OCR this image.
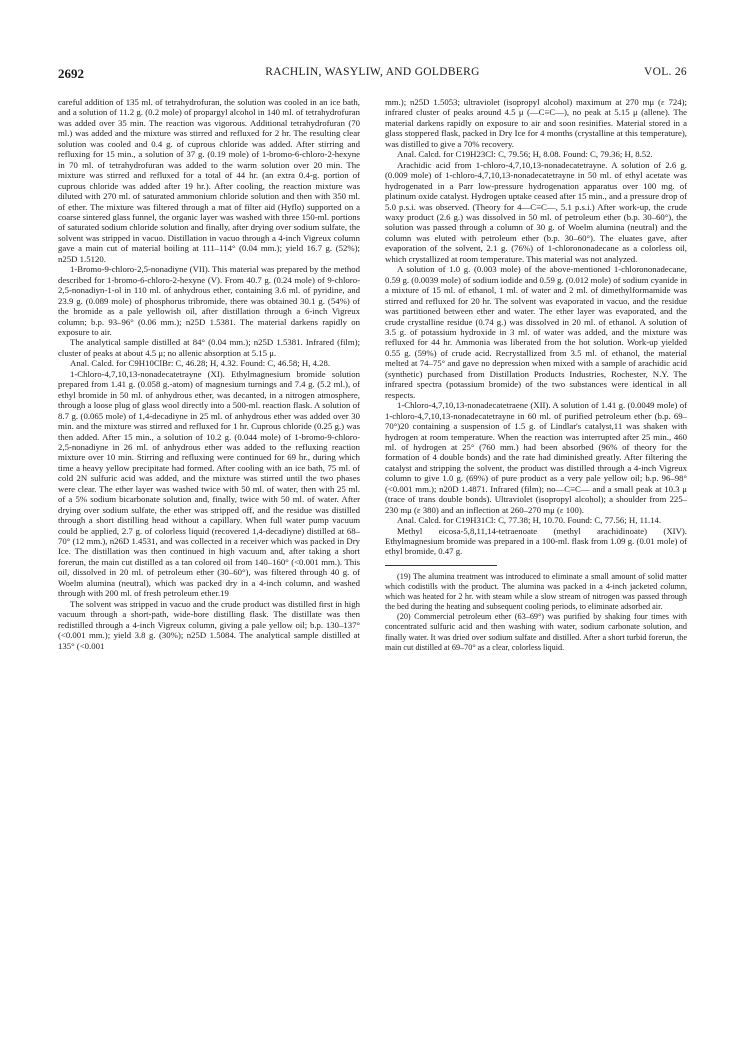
2692	RACHLIN, WASYLIW, AND GOLDBERG	VOL. 26

careful addition of 135 ml. of tetrahydrofuran, the solution was cooled in an ice bath, and a solution of 11.2 g. (0.2 mole) of propargyl alcohol in 140 ml. of tetrahydrofuran was added over 35 min. The reaction was vigorous. Additional tetrahydrofuran (70 ml.) was added and the mixture was stirred and refluxed for 2 hr. The resulting clear solution was cooled and 0.4 g. of cuprous chloride was added. After stirring and refluxing for 15 min., a solution of 37 g. (0.19 mole) of 1-bromo-6-chloro-2-hexyne in 70 ml. of tetrahydrofuran was added to the warm solution over 20 min. The mixture was stirred and refluxed for a total of 44 hr. (an extra 0.4-g. portion of cuprous chloride was added after 19 hr.). After cooling, the reaction mixture was diluted with 270 ml. of saturated ammonium chloride solution and then with 350 ml. of ether. The mixture was filtered through a mat of filter aid (Hyflo) supported on a coarse sintered glass funnel, the organic layer was washed with three 150-ml. portions of saturated sodium chloride solution and finally, after drying over sodium sulfate, the solvent was stripped in vacuo. Distillation in vacuo through a 4-inch Vigreux column gave a main cut of material boiling at 111–114° (0.04 mm.); yield 16.7 g. (52%); n25D 1.5120.

1-Bromo-9-chloro-2,5-nonadiyne (VII). This material was prepared by the method described for 1-bromo-6-chloro-2-hexyne (V). From 40.7 g. (0.24 mole) of 9-chloro-2,5-nonadiyn-1-ol in 110 ml. of anhydrous ether, containing 3.6 ml. of pyridine, and 23.9 g. (0.089 mole) of phosphorus tribromide, there was obtained 30.1 g. (54%) of the bromide as a pale yellowish oil, after distillation through a 6-inch Vigreux column; b.p. 93–96° (0.06 mm.); n25D 1.5381. The material darkens rapidly on exposure to air.

The analytical sample distilled at 84° (0.04 mm.); n25D 1.5381. Infrared (film); cluster of peaks at about 4.5 μ; no allenic absorption at 5.15 μ.

Anal. Calcd. for C9H10ClBr: C, 46.28; H, 4.32. Found: C, 46.58; H, 4.28.

1-Chloro-4,7,10,13-nonadecatetrayne (XI). Ethylmagnesium bromide solution prepared from 1.41 g. (0.058 g.-atom) of magnesium turnings and 7.4 g. (5.2 ml.), of ethyl bromide in 50 ml. of anhydrous ether, was decanted, in a nitrogen atmosphere, through a loose plug of glass wool directly into a 500-ml. reaction flask. A solution of 8.7 g. (0.065 mole) of 1,4-decadiyne in 25 ml. of anhydrous ether was added over 30 min. and the mixture was stirred and refluxed for 1 hr. Cuprous chloride (0.25 g.) was then added. After 15 min., a solution of 10.2 g. (0.044 mole) of 1-bromo-9-chloro-2,5-nonadiyne in 26 ml. of anhydrous ether was added to the refluxing reaction mixture over 10 min. Stirring and refluxing were continued for 69 hr., during which time a heavy yellow precipitate had formed. After cooling with an ice bath, 75 ml. of cold 2N sulfuric acid was added, and the mixture was stirred until the two phases were clear. The ether layer was washed twice with 50 ml. of water, then with 25 ml. of a 5% sodium bicarbonate solution and, finally, twice with 50 ml. of water. After drying over sodium sulfate, the ether was stripped off, and the residue was distilled through a short distilling head without a capillary. When full water pump vacuum could be applied, 2.7 g. of colorless liquid (recovered 1,4-decadiyne) distilled at 68–70° (12 mm.), n26D 1.4531, and was collected in a receiver which was packed in Dry Ice. The distillation was then continued in high vacuum and, after taking a short forerun, the main cut distilled as a tan colored oil from 140–160° (<0.001 mm.). This oil, dissolved in 20 ml. of petroleum ether (30–60°), was filtered through 40 g. of Woelm alumina (neutral), which was packed dry in a 4-inch column, and washed through with 200 ml. of fresh petroleum ether.19

The solvent was stripped in vacuo and the crude product was distilled first in high vacuum through a short-path, wide-bore distilling flask. The distillate was then redistilled through a 4-inch Vigreux column, giving a pale yellow oil; b.p. 130–137° (<0.001 mm.); yield 3.8 g. (30%); n25D 1.5084. The analytical sample distilled at 135° (<0.001

mm.); n25D 1.5053; ultraviolet (isopropyl alcohol) maximum at 270 mμ (ε 724); infrared cluster of peaks around 4.5 μ (—C≡C—), no peak at 5.15 μ (allene). The material darkens rapidly on exposure to air and soon resinifies. Material stored in a glass stoppered flask, packed in Dry Ice for 4 months (crystalline at this temperature), was distilled to give a 70% recovery.

Anal. Calcd. for C19H23Cl: C, 79.56; H, 8.08. Found: C, 79.36; H, 8.52.

Arachidic acid from 1-chloro-4,7,10,13-nonadecatetrayne. A solution of 2.6 g. (0.009 mole) of 1-chloro-4,7,10,13-nonadecatetrayne in 50 ml. of ethyl acetate was hydrogenated in a Parr low-pressure hydrogenation apparatus over 100 mg. of platinum oxide catalyst. Hydrogen uptake ceased after 15 min., and a pressure drop of 5.0 p.s.i. was observed. (Theory for 4—C≡C—, 5.1 p.s.i.) After work-up, the crude waxy product (2.6 g.) was dissolved in 50 ml. of petroleum ether (b.p. 30–60°), the solution was passed through a column of 30 g. of Woelm alumina (neutral) and the column was eluted with petroleum ether (b.p. 30–60°). The eluates gave, after evaporation of the solvent, 2.1 g. (76%) of 1-chlorononadecane as a colorless oil, which crystallized at room temperature. This material was not analyzed.

A solution of 1.0 g. (0.003 mole) of the above-mentioned 1-chlorononadecane, 0.59 g. (0.0039 mole) of sodium iodide and 0.59 g. (0.012 mole) of sodium cyanide in a mixture of 15 ml. of ethanol, 1 ml. of water and 2 ml. of dimethylformamide was stirred and refluxed for 20 hr. The solvent was evaporated in vacuo, and the residue was partitioned between ether and water. The ether layer was evaporated, and the crude crystalline residue (0.74 g.) was dissolved in 20 ml. of ethanol. A solution of 3.5 g. of potassium hydroxide in 3 ml. of water was added, and the mixture was refluxed for 44 hr. Ammonia was liberated from the hot solution. Work-up yielded 0.55 g. (59%) of crude acid. Recrystallized from 3.5 ml. of ethanol, the material melted at 74–75° and gave no depression when mixed with a sample of arachidic acid (synthetic) purchased from Distillation Products Industries, Rochester, N.Y. The infrared spectra (potassium bromide) of the two substances were identical in all respects.

1-Chloro-4,7,10,13-nonadecatetraene (XII). A solution of 1.41 g. (0.0049 mole) of 1-chloro-4,7,10,13-nonadecatetrayne in 60 ml. of purified petroleum ether (b.p. 69–70°)20 containing a suspension of 1.5 g. of Lindlar's catalyst,11 was shaken with hydrogen at room temperature. When the reaction was interrupted after 25 min., 460 ml. of hydrogen at 25° (760 mm.) had been absorbed (96% of theory for the formation of 4 double bonds) and the rate had diminished greatly. After filtering the catalyst and stripping the solvent, the product was distilled through a 4-inch Vigreux column to give 1.0 g. (69%) of pure product as a very pale yellow oil; b.p. 96–98° (<0.001 mm.); n20D 1.4871. Infrared (film); no—C≡C— and a small peak at 10.3 μ (trace of trans double bonds). Ultraviolet (isopropyl alcohol); a shoulder from 225–230 mμ (ε 380) and an inflection at 260–270 mμ (ε 100).

Anal. Calcd. for C19H31Cl: C, 77.38; H, 10.70. Found: C, 77.56; H, 11.14.

Methyl eicosa-5,8,11,14-tetraenoate (methyl arachidinoate) (XIV). Ethylmagnesium bromide was prepared in a 100-ml. flask from 1.09 g. (0.01 mole) of ethyl bromide, 0.47 g.

(19) The alumina treatment was introduced to eliminate a small amount of solid matter which codistills with the product. The alumina was packed in a 4-inch jacketed column, which was heated for 2 hr. with steam while a slow stream of nitrogen was passed through the bed during the heating and subsequent cooling periods, to eliminate adsorbed air.

(20) Commercial petroleum ether (63–69°) was purified by shaking four times with concentrated sulfuric acid and then washing with water, sodium carbonate solution, and finally water. It was dried over sodium sulfate and distilled. After a short turbid forerun, the main cut distilled at 69–70° as a clear, colorless liquid.
